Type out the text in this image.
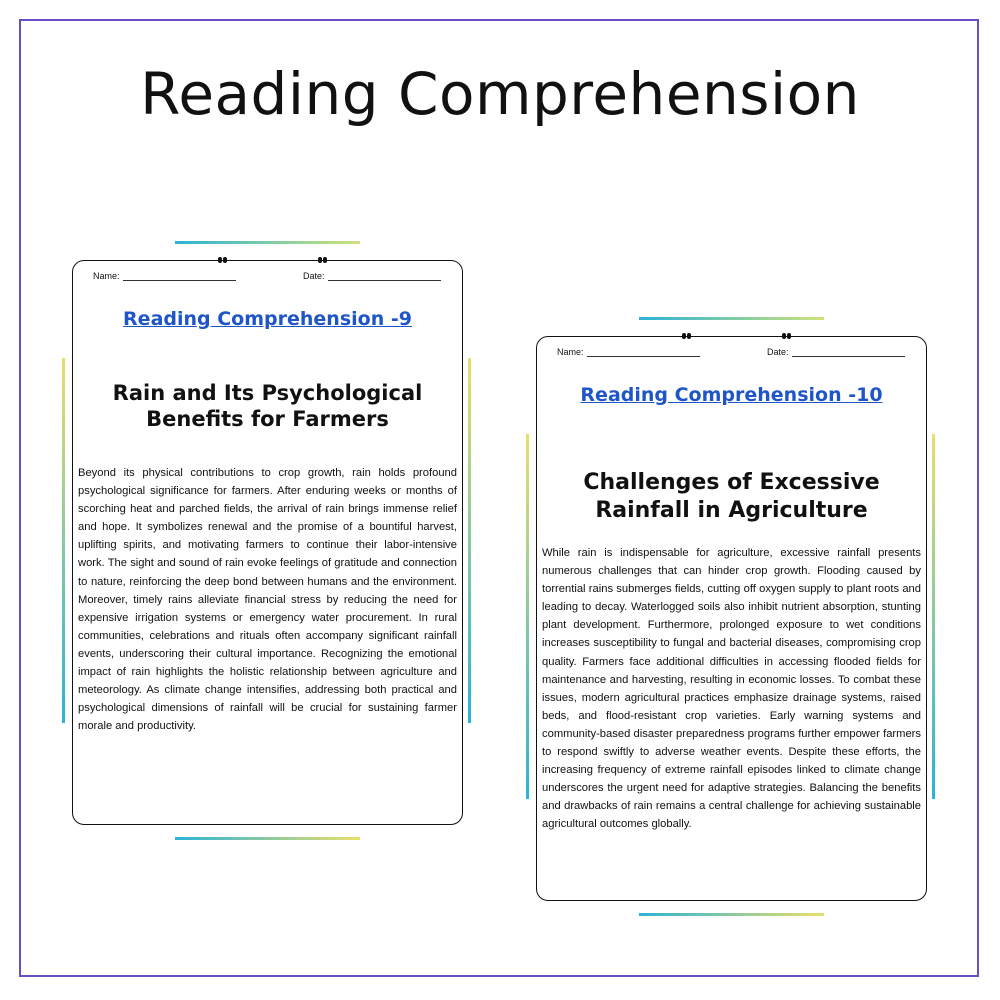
Reading Comprehension
Name:	Date:
Reading Comprehension -9
Rain and Its Psychological Benefits for Farmers

Beyond its physical contributions to crop growth, rain holds profound psychological significance for farmers. After enduring weeks or months of scorching heat and parched fields, the arrival of rain brings immense relief and hope. It symbolizes renewal and the promise of a bountiful harvest, uplifting spirits, and motivating farmers to continue their labor-intensive work. The sight and sound of rain evoke feelings of gratitude and connection to nature, reinforcing the deep bond between humans and the environment. Moreover, timely rains alleviate financial stress by reducing the need for expensive irrigation systems or emergency water procurement. In rural communities, celebrations and rituals often accompany significant rainfall events, underscoring their cultural importance. Recognizing the emotional impact of rain highlights the holistic relationship between agriculture and meteorology. As climate change intensifies, addressing both practical and psychological dimensions of rainfall will be crucial for sustaining farmer morale and productivity.

Name:	Date:
Reading Comprehension -10
Challenges of Excessive Rainfall in Agriculture

While rain is indispensable for agriculture, excessive rainfall presents numerous challenges that can hinder crop growth. Flooding caused by torrential rains submerges fields, cutting off oxygen supply to plant roots and leading to decay. Waterlogged soils also inhibit nutrient absorption, stunting plant development. Furthermore, prolonged exposure to wet conditions increases susceptibility to fungal and bacterial diseases, compromising crop quality. Farmers face additional difficulties in accessing flooded fields for maintenance and harvesting, resulting in economic losses. To combat these issues, modern agricultural practices emphasize drainage systems, raised beds, and flood-resistant crop varieties. Early warning systems and community-based disaster preparedness programs further empower farmers to respond swiftly to adverse weather events. Despite these efforts, the increasing frequency of extreme rainfall episodes linked to climate change underscores the urgent need for adaptive strategies. Balancing the benefits and drawbacks of rain remains a central challenge for achieving sustainable agricultural outcomes globally.
